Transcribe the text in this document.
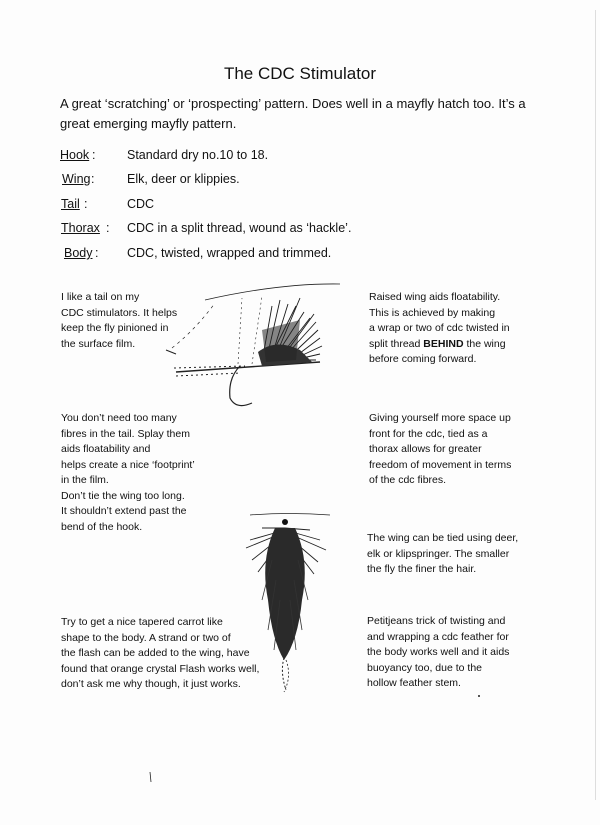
The CDC Stimulator
A great ‘scratching’ or ‘prospecting’ pattern. Does well in a mayfly hatch too. It’s a great emerging mayfly pattern.
Hook :	Standard dry no.10 to 18.
Wing :	Elk, deer or klippies.
Tail :	CDC
Thorax : CDC in a split thread, wound as ‘hackle’.
Body : CDC, twisted, wrapped and trimmed.
I like a tail on my
CDC stimulators. It helps
keep the fly pinioned in
the surface film.
Raised wing aids floatability.
This is achieved by making
a wrap or two of cdc twisted in
split thread BEHIND the wing
before coming forward.
You don’t need too many
fibres in the tail. Splay them
aids floatability and
helps create a nice ‘footprint’
in the film.
Don’t tie the wing too long.
It shouldn’t extend past the
bend of the hook.
Giving yourself more space up
front for the cdc, tied as a
thorax allows for greater
freedom of movement in terms
of the cdc fibres.
The wing can be tied using deer,
elk or klipspringer. The smaller
the fly the finer the hair.
Try to get a nice tapered carrot like
shape to the body. A strand or two of
the flash can be added to the wing, have
found that orange crystal Flash works well,
don’t ask me why though, it just works.
Petitjeans trick of twisting and
and wrapping a cdc feather for
the body works well and it aids
buoyancy too, due to the
hollow feather stem.
